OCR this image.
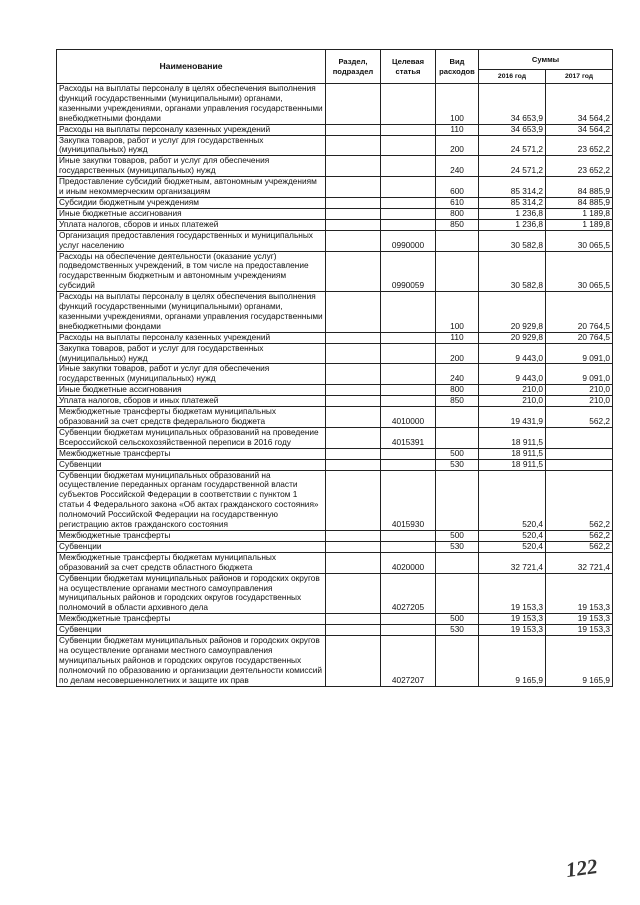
Наименование	Раздел, подраздел	Целевая статья	Вид расходов	Суммы	
				2016 год	2017 год
Расходы на выплаты персоналу в целях обеспечения выполнения функций государственными (муниципальными) органами, казенными учреждениями, органами управления государственными внебюджетными фондами			100	34 653,9	34 564,2
Расходы на выплаты персоналу казенных учреждений			110	34 653,9	34 564,2
Закупка товаров, работ и услуг для государственных (муниципальных) нужд			200	24 571,2	23 652,2
Иные закупки товаров, работ и услуг для обеспечения государственных (муниципальных) нужд			240	24 571,2	23 652,2
Предоставление субсидий бюджетным, автономным учреждениям и иным некоммерческим организациям			600	85 314,2	84 885,9
Субсидии бюджетным учреждениям			610	85 314,2	84 885,9
Иные бюджетные ассигнования			800	1 236,8	1 189,8
Уплата налогов, сборов и иных платежей			850	1 236,8	1 189,8
Организация предоставления государственных и муниципальных услуг населению		0990000		30 582,8	30 065,5
Расходы на обеспечение деятельности (оказание услуг) подведомственных учреждений, в том числе на предоставление государственным бюджетным и автономным учреждениям субсидий		0990059		30 582,8	30 065,5
Расходы на выплаты персоналу в целях обеспечения выполнения функций государственными (муниципальными) органами, казенными учреждениями, органами управления государственными внебюджетными фондами			100	20 929,8	20 764,5
Расходы на выплаты персоналу казенных учреждений			110	20 929,8	20 764,5
Закупка товаров, работ и услуг для государственных (муниципальных) нужд			200	9 443,0	9 091,0
Иные закупки товаров, работ и услуг для обеспечения государственных (муниципальных) нужд			240	9 443,0	9 091,0
Иные бюджетные ассигнования			800	210,0	210,0
Уплата налогов, сборов и иных платежей			850	210,0	210,0
Межбюджетные трансферты бюджетам муниципальных образований за счет средств федерального бюджета		4010000		19 431,9	562,2
Субвенции бюджетам муниципальных образований на проведение Всероссийской сельскохозяйственной переписи в 2016 году		4015391		18 911,5	
Межбюджетные трансферты			500	18 911,5	
Субвенции			530	18 911,5	
Субвенции бюджетам муниципальных образований на осуществление переданных органам государственной власти субъектов Российской Федерации в соответствии с пунктом 1 статьи 4 Федерального закона «Об актах гражданского состояния» полномочий Российской Федерации на государственную регистрацию актов гражданского состояния		4015930		520,4	562,2
Межбюджетные трансферты			500	520,4	562,2
Субвенции			530	520,4	562,2
Межбюджетные трансферты бюджетам муниципальных образований за счет средств областного бюджета		4020000		32 721,4	32 721,4
Субвенции бюджетам муниципальных районов и городских округов на осуществление органами местного самоуправления муниципальных районов и городских округов государственных полномочий в области архивного дела		4027205		19 153,3	19 153,3
Межбюджетные трансферты			500	19 153,3	19 153,3
Субвенции			530	19 153,3	19 153,3
Субвенции бюджетам муниципальных районов и городских округов на осуществление органами местного самоуправления муниципальных районов и городских округов государственных полномочий по образованию и организации деятельности комиссий по делам несовершеннолетних и защите их прав		4027207		9 165,9	9 165,9
122
